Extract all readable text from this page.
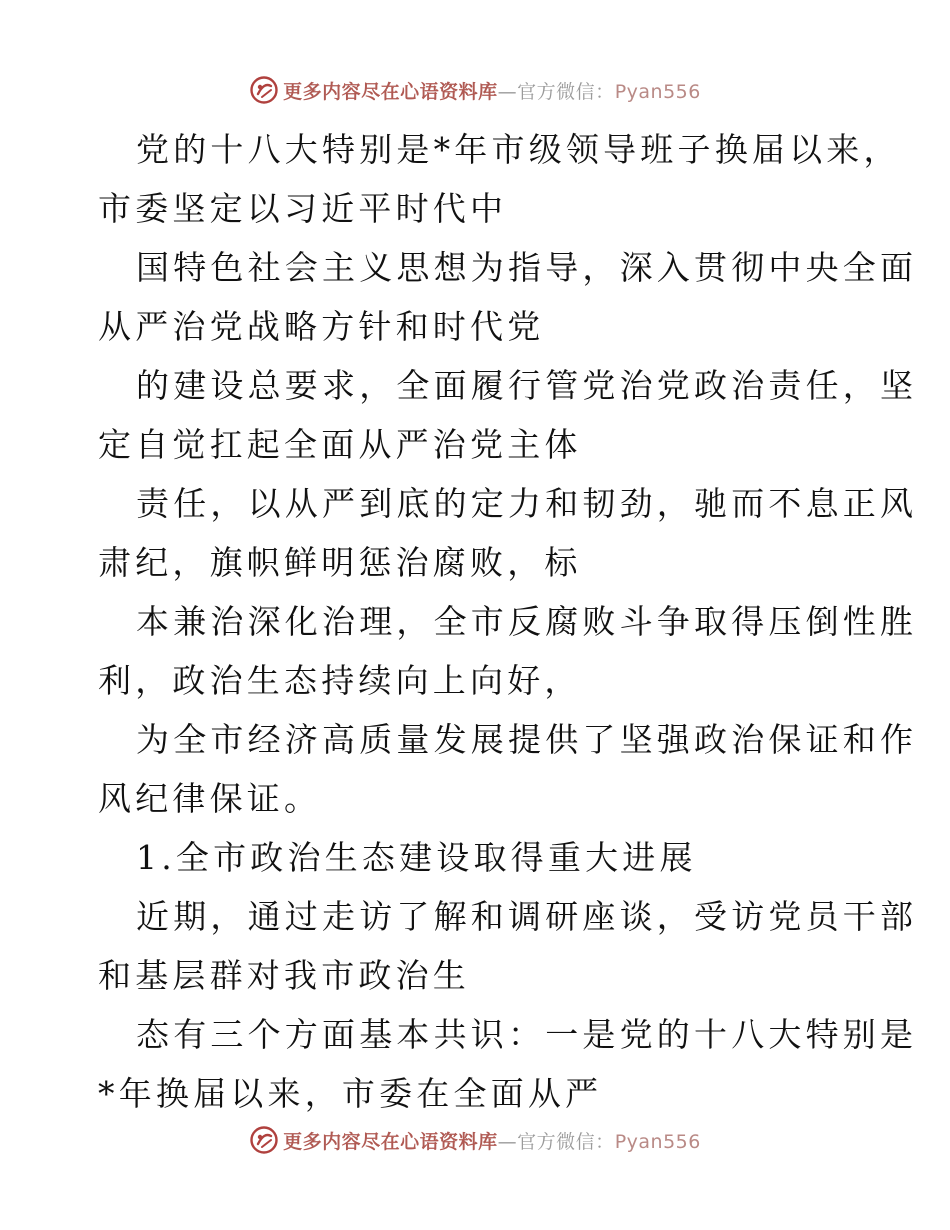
更多内容尽在心语资料库—官方微信：Pyan556

党的十八大特别是*年市级领导班子换届以来，

市委坚定以习近平时代中

国特色社会主义思想为指导，深入贯彻中央全面

从严治党战略方针和时代党

的建设总要求，全面履行管党治党政治责任，坚

定自觉扛起全面从严治党主体

责任，以从严到底的定力和韧劲，驰而不息正风

肃纪，旗帜鲜明惩治腐败，标

本兼治深化治理，全市反腐败斗争取得压倒性胜

利，政治生态持续向上向好，

为全市经济高质量发展提供了坚强政治保证和作

风纪律保证。

1.全市政治生态建设取得重大进展

近期，通过走访了解和调研座谈，受访党员干部

和基层群对我市政治生

态有三个方面基本共识：一是党的十八大特别是

*年换届以来，市委在全面从严

更多内容尽在心语资料库—官方微信：Pyan556
